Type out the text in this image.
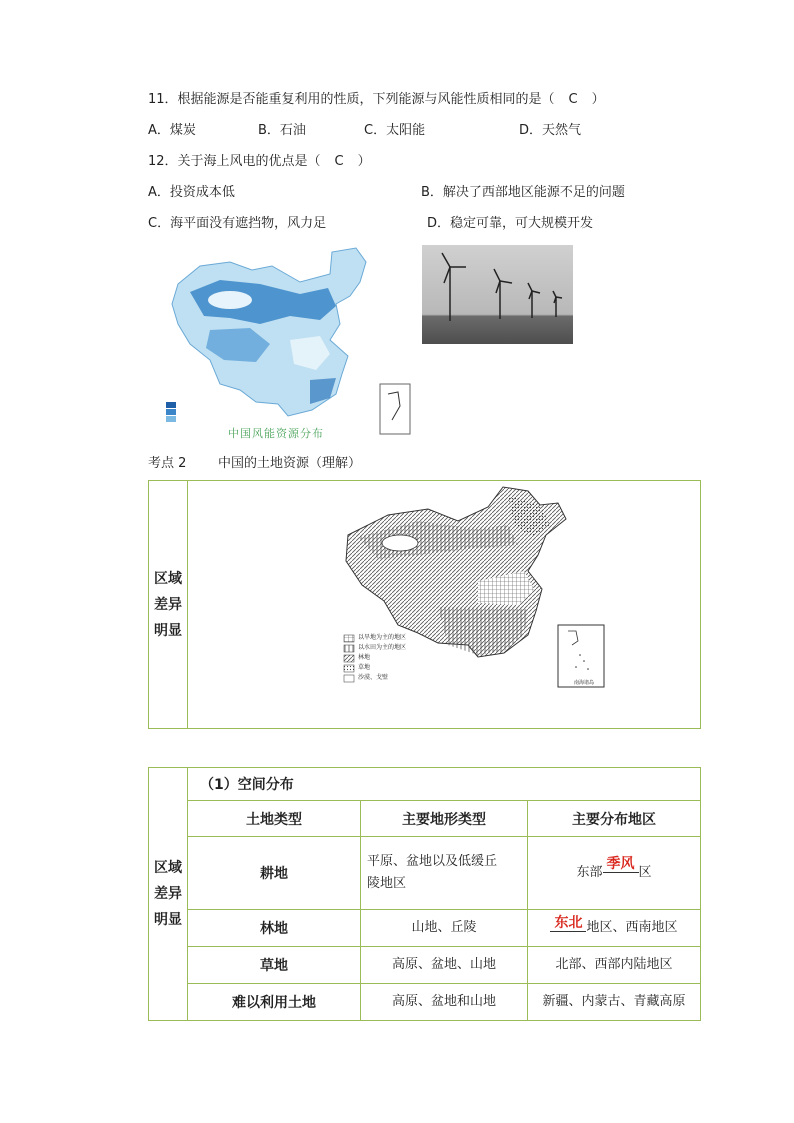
11．根据能源是否能重复利用的性质，下列能源与风能性质相同的是（ C ）
A．煤炭	B．石油	C．太阳能	D．天然气
12．关于海上风电的优点是（ C ）
A．投资成本低	B．解决了西部地区能源不足的问题
C．海平面没有遮挡物，风力足	D．稳定可靠，可大规模开发
中国风能资源分布
考点 2 中国的土地资源（理解）
区域
差异
明显	以旱地为主的地区
以水田为主的地区
林地
草地
沙漠、戈壁
南海诸岛
区域
差异
明显	（1）空间分布		
	土地类型	主要地形类型	主要分布地区
	耕地	平原、盆地以及低缓丘
陵地区	东部季风区
	林地	山地、丘陵	东北 地区、西南地区
	草地	高原、盆地、山地	北部、西部内陆地区
	难以利用土地	高原、盆地和山地	新疆、内蒙古、青藏高原
